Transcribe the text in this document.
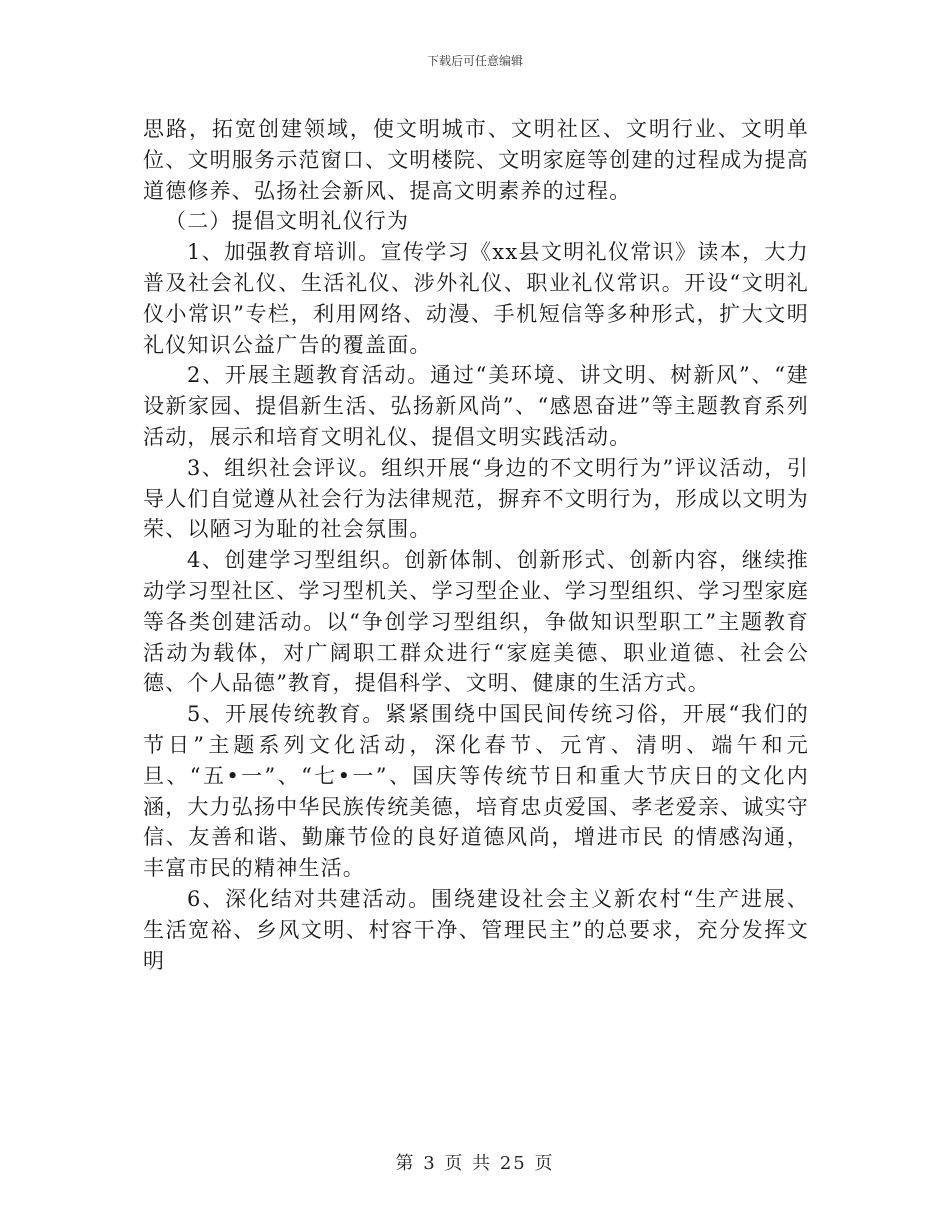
下载后可任意编辑

思路，拓宽创建领域，使文明城市、文明社区、文明行业、文明单位、文明服务示范窗口、文明楼院、文明家庭等创建的过程成为提高道德修养、弘扬社会新风、提高文明素养的过程。

（二）提倡文明礼仪行为

1、加强教育培训。宣传学习《xx县文明礼仪常识》读本，大力普及社会礼仪、生活礼仪、涉外礼仪、职业礼仪常识。开设“文明礼仪小常识”专栏，利用网络、动漫、手机短信等多种形式，扩大文明礼仪知识公益广告的覆盖面。

2、开展主题教育活动。通过“美环境、讲文明、树新风”、“建设新家园、提倡新生活、弘扬新风尚”、“感恩奋进”等主题教育系列活动，展示和培育文明礼仪、提倡文明实践活动。

3、组织社会评议。组织开展“身边的不文明行为”评议活动，引导人们自觉遵从社会行为法律规范，摒弃不文明行为，形成以文明为荣、以陋习为耻的社会氛围。

4、创建学习型组织。创新体制、创新形式、创新内容，继续推动学习型社区、学习型机关、学习型企业、学习型组织、学习型家庭等各类创建活动。以“争创学习型组织，争做知识型职工”主题教育活动为载体，对广阔职工群众进行“家庭美德、职业道德、社会公德、个人品德”教育，提倡科学、文明、健康的生活方式。

5、开展传统教育。紧紧围绕中国民间传统习俗，开展“我们的节日”主题系列文化活动，深化春节、元宵、清明、端午和元旦、“五•一”、“七•一”、国庆等传统节日和重大节庆日的文化内涵，大力弘扬中华民族传统美德，培育忠贞爱国、孝老爱亲、诚实守信、友善和谐、勤廉节俭的良好道德风尚，增进市民 的情感沟通，丰富市民的精神生活。

6、深化结对共建活动。围绕建设社会主义新农村“生产进展、生活宽裕、乡风文明、村容干净、管理民主”的总要求，充分发挥文明

第 3 页 共 25 页
